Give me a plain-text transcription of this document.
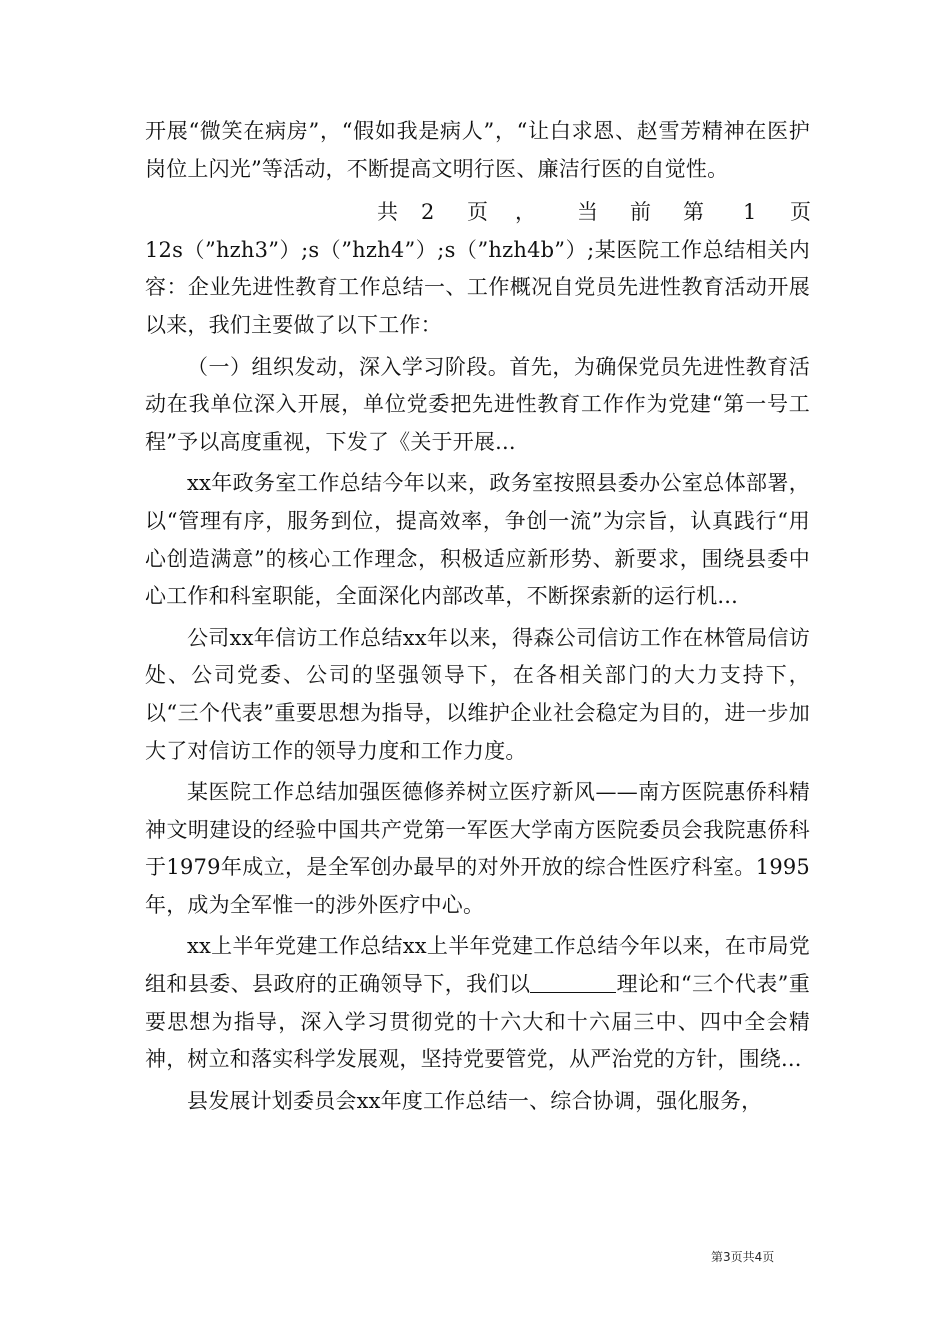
开展“微笑在病房”，“假如我是病人”，“让白求恩、赵雪芳精神在医护岗位上闪光”等活动，不断提高文明行医、廉洁行医的自觉性。

共 2 页 ， 当 前 第 1 页

12s（”hzh3”）;s（”hzh4”）;s（”hzh4b”）;某医院工作总结相关内容：企业先进性教育工作总结一、工作概况自党员先进性教育活动开展以来，我们主要做了以下工作：

（一）组织发动，深入学习阶段。首先，为确保党员先进性教育活动在我单位深入开展，单位党委把先进性教育工作作为党建“第一号工程”予以高度重视，下发了《关于开展...

xx年政务室工作总结今年以来，政务室按照县委办公室总体部署，以“管理有序，服务到位，提高效率，争创一流”为宗旨，认真践行“用心创造满意”的核心工作理念，积极适应新形势、新要求，围绕县委中心工作和科室职能，全面深化内部改革，不断探索新的运行机...

公司xx年信访工作总结xx年以来，得森公司信访工作在林管局信访处、公司党委、公司的坚强领导下，在各相关部门的大力支持下，以“三个代表”重要思想为指导，以维护企业社会稳定为目的，进一步加大了对信访工作的领导力度和工作力度。

某医院工作总结加强医德修养树立医疗新风——南方医院惠侨科精神文明建设的经验中国共产党第一军医大学南方医院委员会我院惠侨科于1979年成立，是全军创办最早的对外开放的综合性医疗科室。1995年，成为全军惟一的涉外医疗中心。

xx上半年党建工作总结xx上半年党建工作总结今年以来，在市局党组和县委、县政府的正确领导下，我们以	理论和“三个代表”重要思想为指导，深入学习贯彻党的十六大和十六届三中、四中全会精神，树立和落实科学发展观，坚持党要管党，从严治党的方针，围绕...

县发展计划委员会xx年度工作总结一、综合协调，强化服务，

第3页共4页
